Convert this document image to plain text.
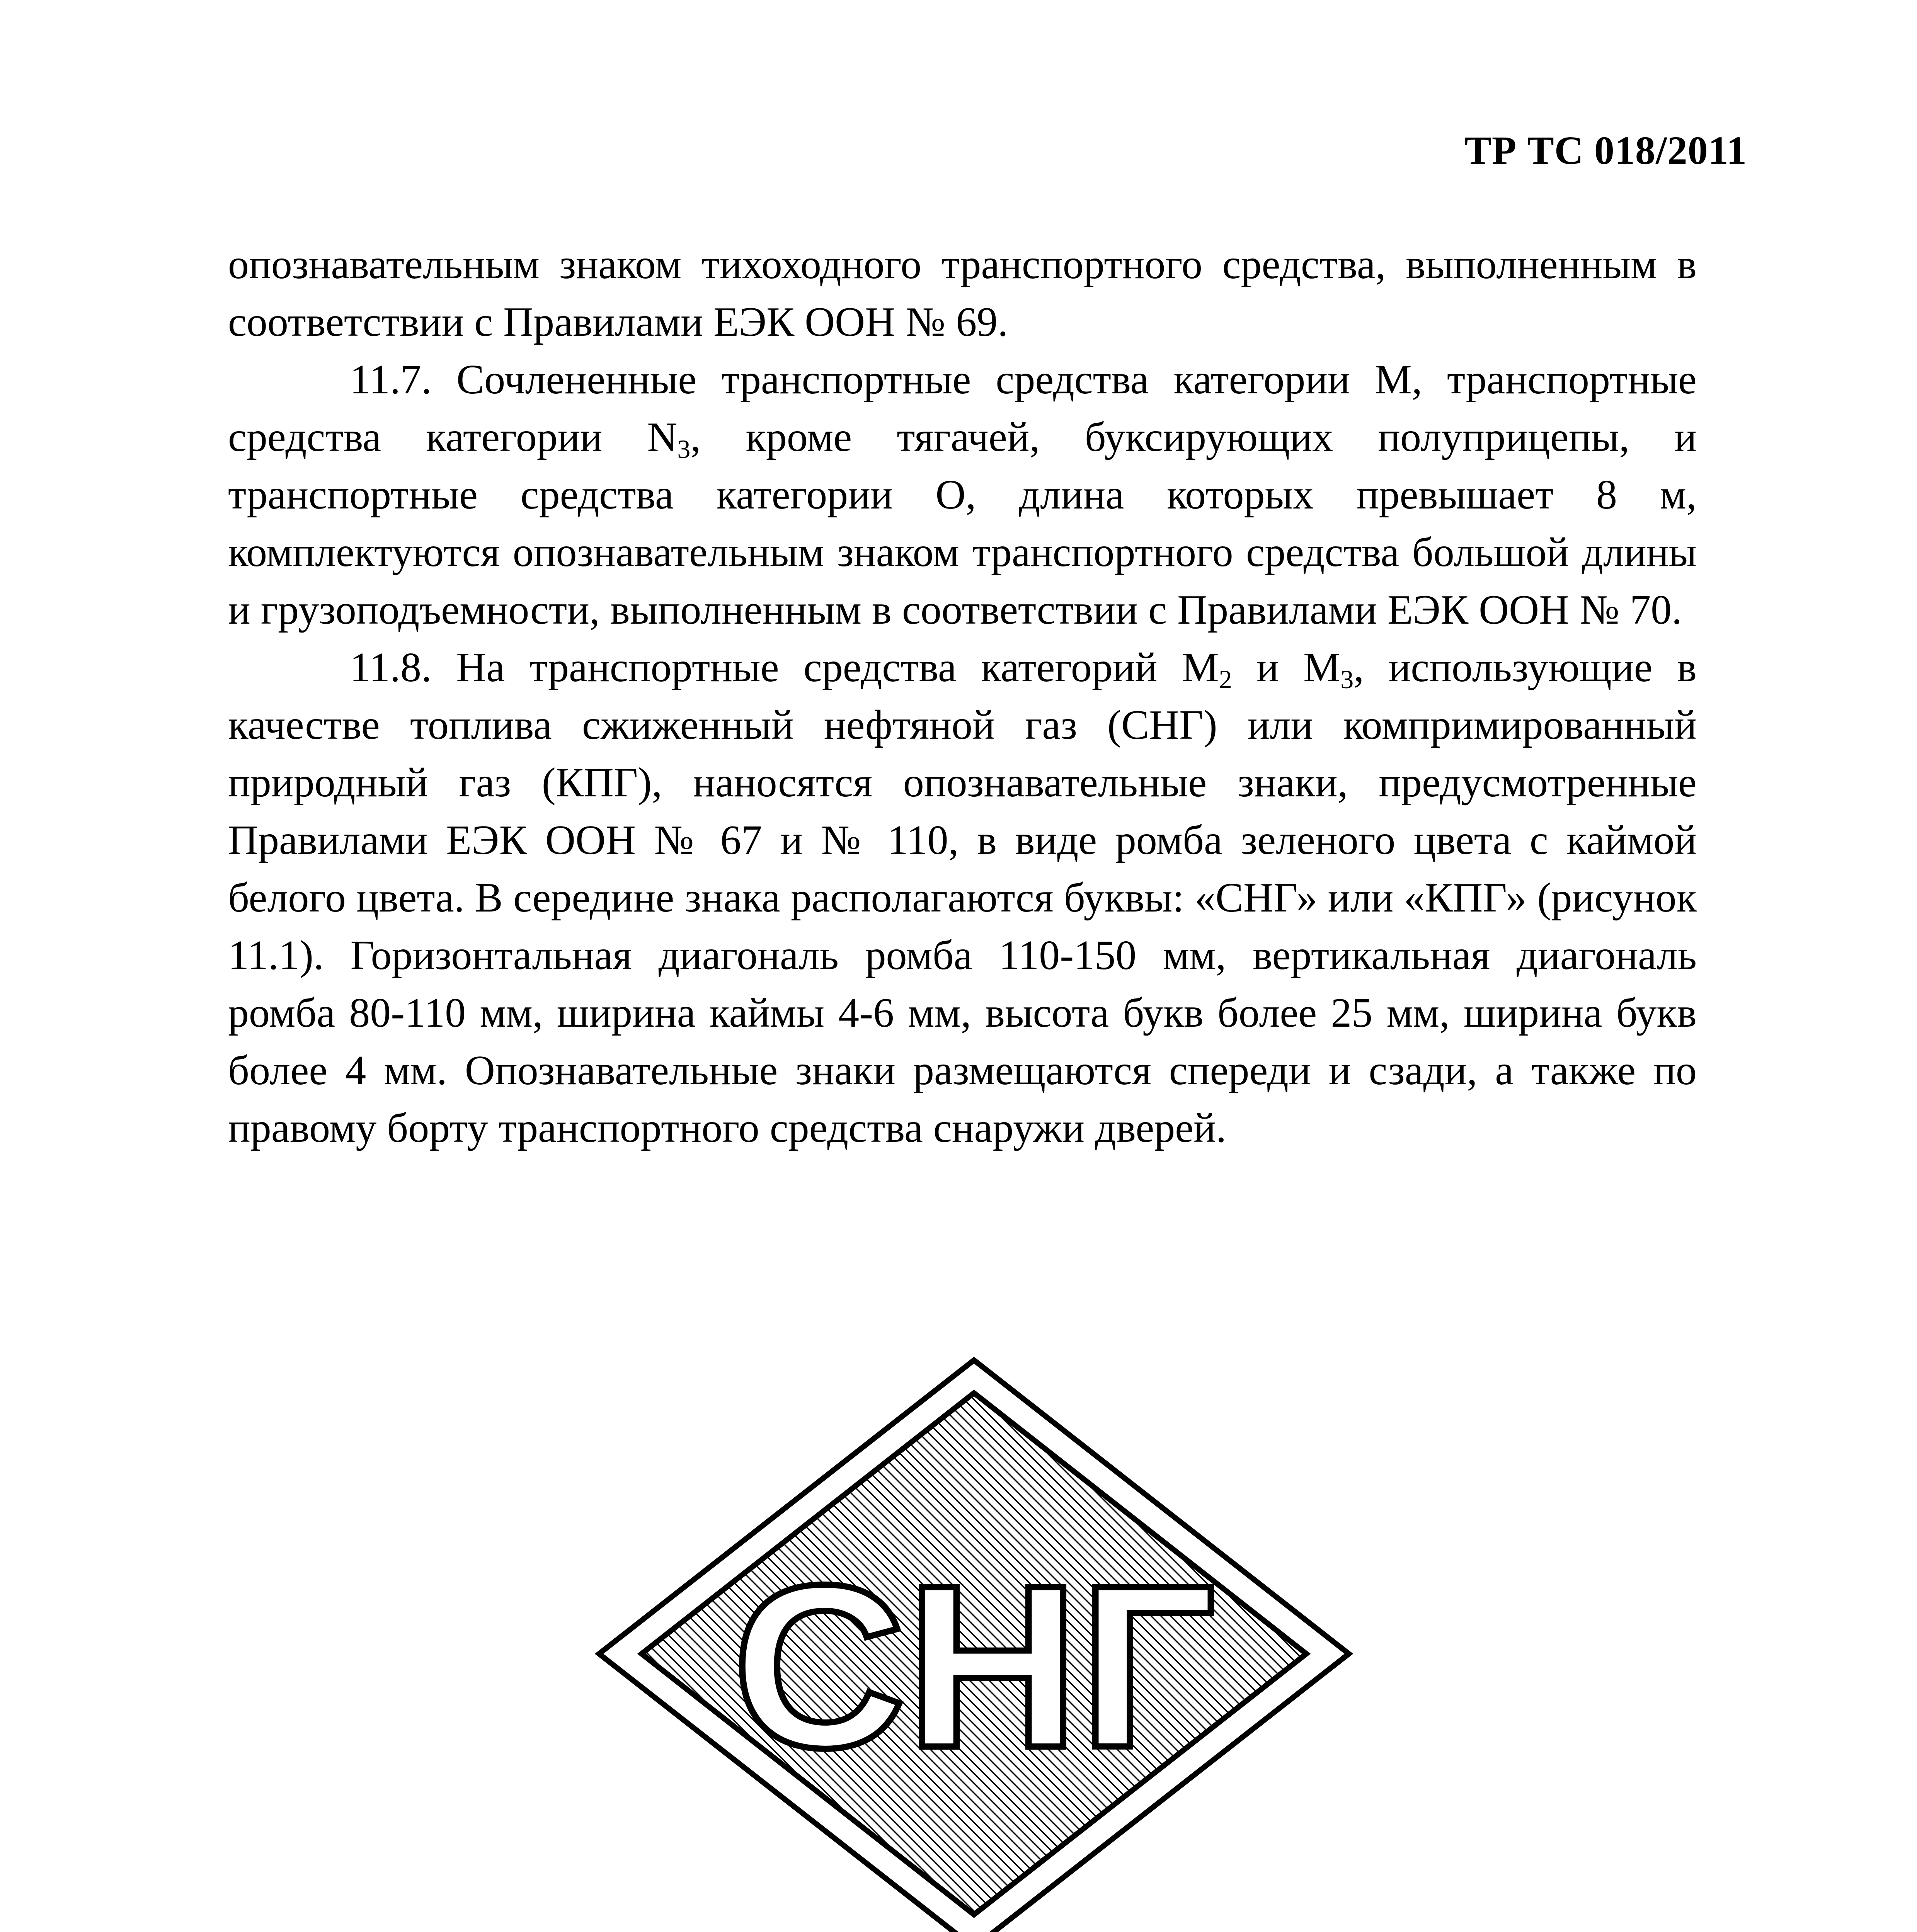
ТР ТС 018/2011

опознавательным знаком тихоходного транспортного средства, выполненным в соответствии с Правилами ЕЭК ООН № 69.

11.7. Сочлененные транспортные средства категории M, транспортные средства категории $N_3$, кроме тягачей, буксирующих полуприцепы, и транспортные средства категории O, длина которых превышает 8 м, комплектуются опознавательным знаком транспортного средства большой длины и грузоподъемности, выполненным в соответствии с Правилами ЕЭК ООН № 70.

11.8. На транспортные средства категорий $M_2$ и $M_3$, использующие в качестве топлива сжиженный нефтяной газ (СНГ) или компримированный природный газ (КПГ), наносятся опознавательные знаки, предусмотренные Правилами ЕЭК ООН № 67 и № 110, в виде ромба зеленого цвета с каймой белого цвета. В середине знака располагаются буквы: «СНГ» или «КПГ» (рисунок 11.1). Горизонтальная диагональ ромба 110-150 мм, вертикальная диагональ ромба 80-110 мм, ширина каймы 4-6 мм, высота букв более 25 мм, ширина букв более 4 мм. Опознавательные знаки размещаются спереди и сзади, а также по правому борту транспортного средства снаружи дверей.

СНГ
